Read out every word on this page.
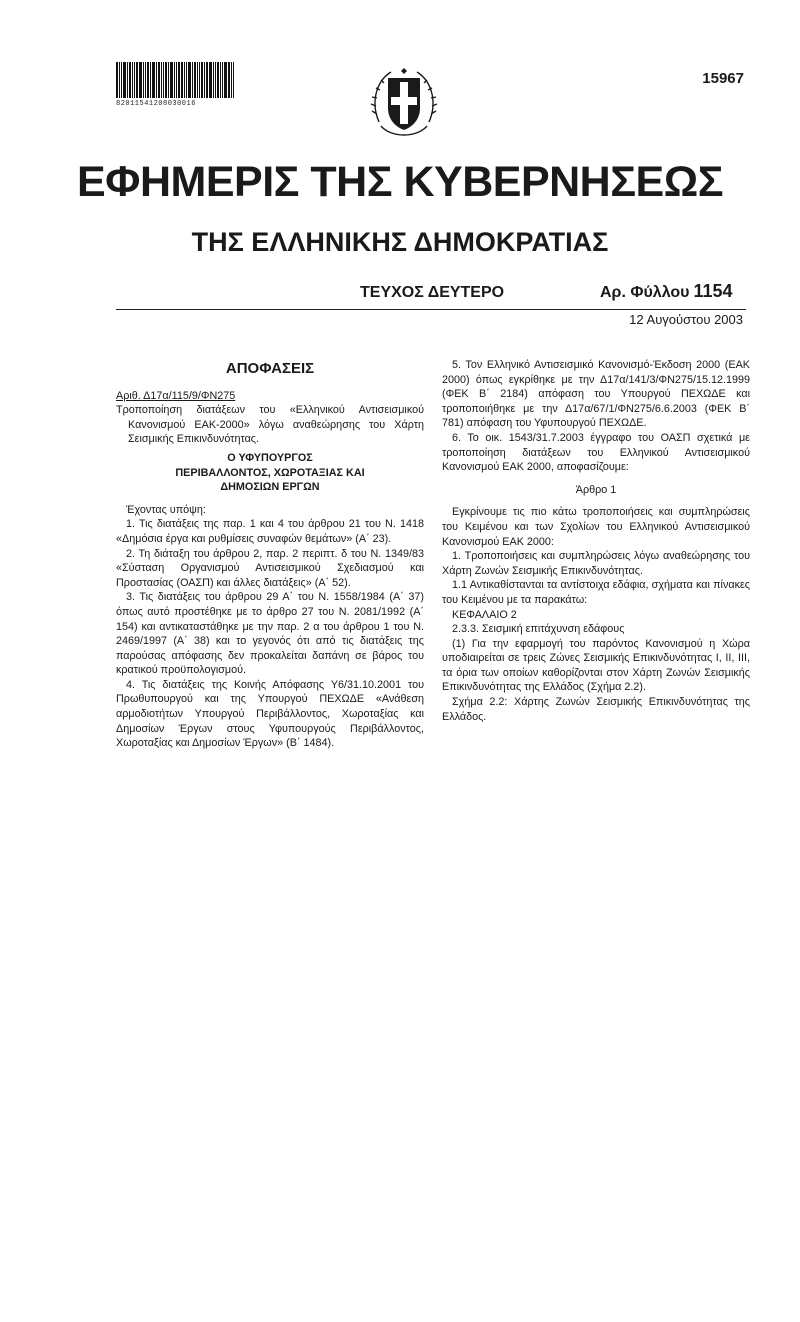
82011541208030016
15967
ΕΦΗΜΕΡΙΣ ΤΗΣ ΚΥΒΕΡΝΗΣΕΩΣ
ΤΗΣ ΕΛΛΗΝΙΚΗΣ ΔΗΜΟΚΡΑΤΙΑΣ
ΤΕΥΧΟΣ ΔΕΥΤΕΡΟ	Αρ. Φύλλου 1154
12 Αυγούστου 2003

ΑΠΟΦΑΣΕΙΣ

Αριθ. Δ17α/115/9/ΦΝ275

Τροποποίηση διατάξεων του «Ελληνικού Αντισεισμικού Κανονισμού ΕΑΚ-2000» λόγω αναθεώρησης του Χάρτη Σεισμικής Επικινδυνότητας.

Ο ΥΦΥΠΟΥΡΓΟΣ

ΠΕΡΙΒΑΛΛΟΝΤΟΣ, ΧΩΡΟΤΑΞΙΑΣ ΚΑΙ

ΔΗΜΟΣΙΩΝ ΕΡΓΩΝ

Έχοντας υπόψη:

1. Τις διατάξεις της παρ. 1 και 4 του άρθρου 21 του Ν. 1418 «Δημόσια έργα και ρυθμίσεις συναφών θεμάτων» (Α΄ 23).

2. Τη διάταξη του άρθρου 2, παρ. 2 περιπτ. δ του Ν. 1349/83 «Σύσταση Οργανισμού Αντισεισμικού Σχεδιασμού και Προστασίας (ΟΑΣΠ) και άλλες διατάξεις» (Α΄ 52).

3. Τις διατάξεις του άρθρου 29 Α΄ του Ν. 1558/1984 (Α΄ 37) όπως αυτό προστέθηκε με το άρθρο 27 του Ν. 2081/1992 (Α΄ 154) και αντικαταστάθηκε με την παρ. 2 α του άρθρου 1 του Ν. 2469/1997 (Α΄ 38) και το γεγονός ότι από τις διατάξεις της παρούσας απόφασης δεν προκαλείται δαπάνη σε βάρος του κρατικού προϋπολογισμού.

4. Τις διατάξεις της Κοινής Απόφασης Υ6/31.10.2001 του Πρωθυπουργού και της Υπουργού ΠΕΧΩΔΕ «Ανάθεση αρμοδιοτήτων Υπουργού Περιβάλλοντος, Χωροταξίας και Δημοσίων Έργων στους Υφυπουργούς Περιβάλλοντος, Χωροταξίας και Δημοσίων Έργων» (Β΄ 1484).

5. Τον Ελληνικό Αντισεισμικό Κανονισμό-Έκδοση 2000 (ΕΑΚ 2000) όπως εγκρίθηκε με την Δ17α/141/3/ΦΝ275/15.12.1999 (ΦΕΚ Β΄ 2184) απόφαση του Υπουργού ΠΕΧΩΔΕ και τροποποιήθηκε με την Δ17α/67/1/ΦΝ275/6.6.2003 (ΦΕΚ Β΄ 781) απόφαση του Υφυπουργού ΠΕΧΩΔΕ.

6. Το οικ. 1543/31.7.2003 έγγραφο του ΟΑΣΠ σχετικά με τροποποίηση διατάξεων του Ελληνικού Αντισεισμικού Κανονισμού ΕΑΚ 2000, αποφασίζουμε:

Άρθρο 1

Εγκρίνουμε τις πιο κάτω τροποποιήσεις και συμπληρώσεις του Κειμένου και των Σχολίων του Ελληνικού Αντισεισμικού Κανονισμού ΕΑΚ 2000:

1. Τροποποιήσεις και συμπληρώσεις λόγω αναθεώρησης του Χάρτη Ζωνών Σεισμικής Επικινδυνότητας.

1.1 Αντικαθίστανται τα αντίστοιχα εδάφια, σχήματα και πίνακες του Κειμένου με τα παρακάτω:

ΚΕΦΑΛΑΙΟ 2

2.3.3. Σεισμική επιτάχυνση εδάφους

(1) Για την εφαρμογή του παρόντος Κανονισμού η Χώρα υποδιαιρείται σε τρεις Ζώνες Σεισμικής Επικινδυνότητας Ι, ΙΙ, ΙΙΙ, τα όρια των οποίων καθορίζονται στον Χάρτη Ζωνών Σεισμικής Επικινδυνότητας της Ελλάδος (Σχήμα 2.2).

Σχήμα 2.2: Χάρτης Ζωνών Σεισμικής Επικινδυνότητας της Ελλάδος.
